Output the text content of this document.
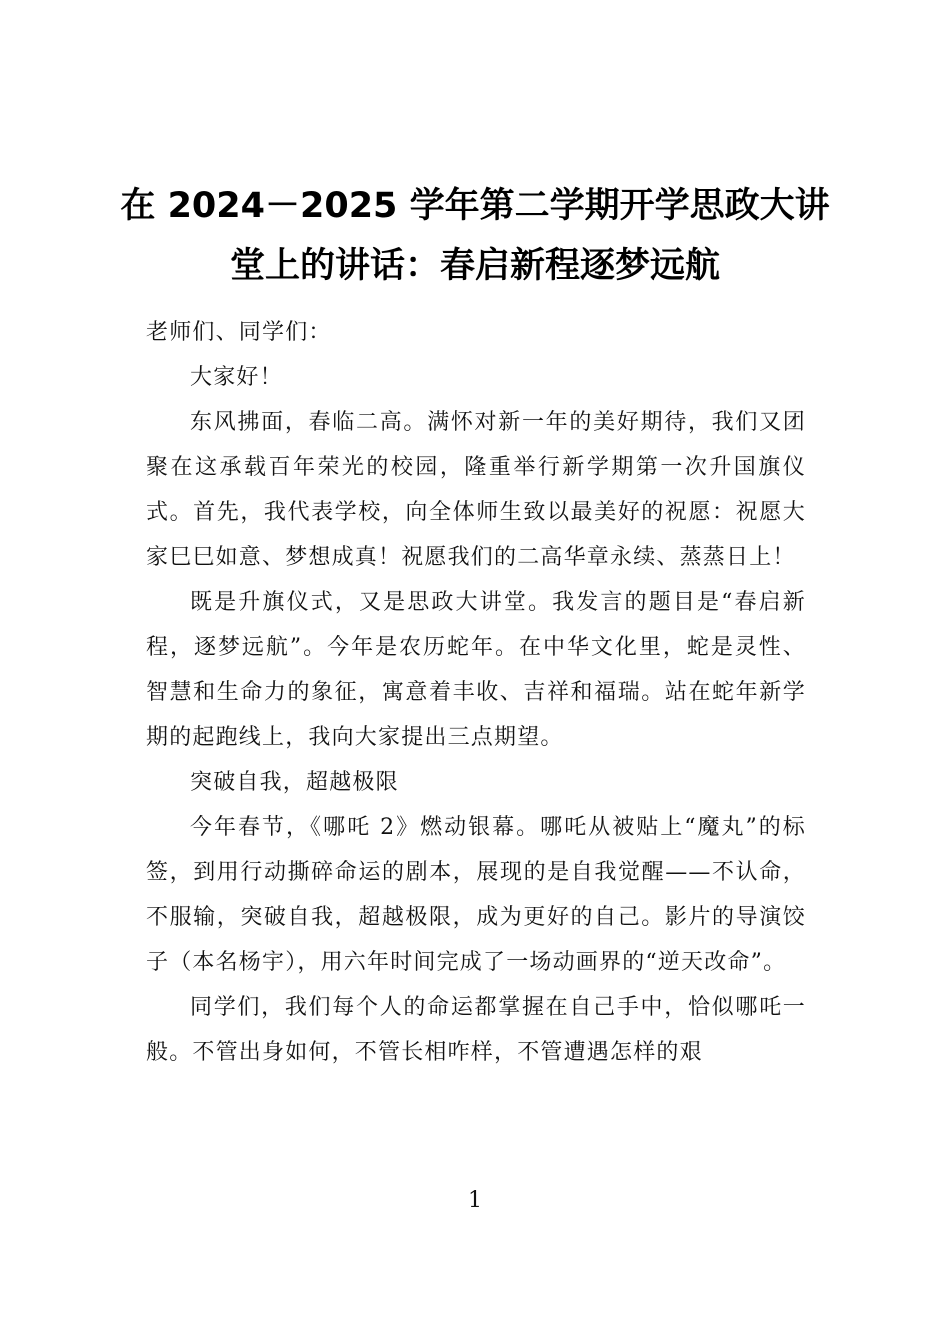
在 2024－2025 学年第二学期开学思政大讲
堂上的讲话：春启新程逐梦远航

老师们、同学们：

大家好！

东风拂面，春临二高。满怀对新一年的美好期待，我们又团聚在这承载百年荣光的校园，隆重举行新学期第一次升国旗仪式。首先，我代表学校，向全体师生致以最美好的祝愿：祝愿大家巳巳如意、梦想成真！祝愿我们的二高华章永续、蒸蒸日上！

既是升旗仪式，又是思政大讲堂。我发言的题目是“春启新程，逐梦远航”。今年是农历蛇年。在中华文化里，蛇是灵性、智慧和生命力的象征，寓意着丰收、吉祥和福瑞。站在蛇年新学期的起跑线上，我向大家提出三点期望。

突破自我，超越极限

今年春节，《哪吒 2》燃动银幕。哪吒从被贴上“魔丸”的标签，到用行动撕碎命运的剧本，展现的是自我觉醒——不认命，不服输，突破自我，超越极限，成为更好的自己。影片的导演饺子（本名杨宇），用六年时间完成了一场动画界的“逆天改命”。

同学们，我们每个人的命运都掌握在自己手中，恰似哪吒一般。不管出身如何，不管长相咋样，不管遭遇怎样的艰

1
